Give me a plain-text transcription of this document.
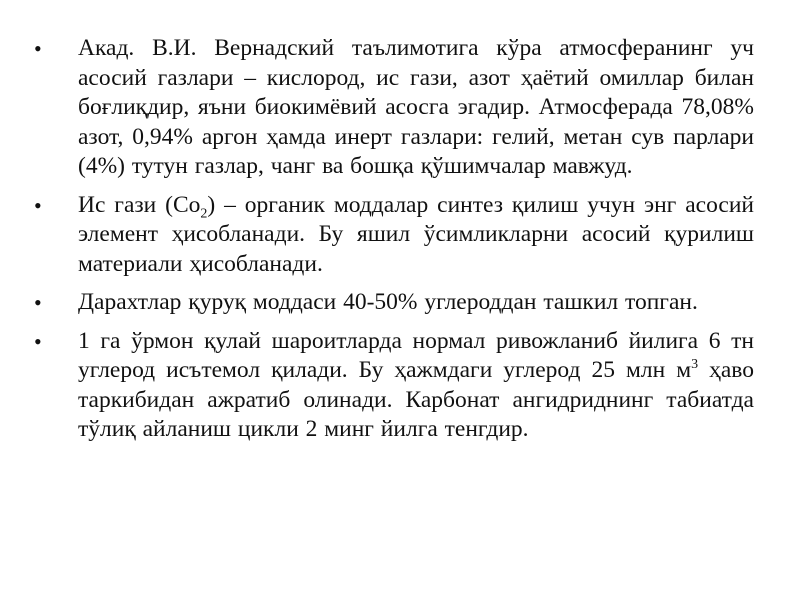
• Акад. В.И. Вернадский таълимотига кўра атмосферанинг уч асосий газлари – кислород, ис гази, азот ҳаётий омиллар билан боғлиқдир, яъни биокимёвий асосга эгадир. Атмосферада 78,08% азот, 0,94% аргон ҳамда инерт газлари: гелий, метан сув парлари (4%) тутун газлар, чанг ва бошқа қўшимчалар мавжуд.
• Ис гази $(Со_2)$ – органик моддалар синтез қилиш учун энг асосий элемент ҳисобланади. Бу яшил ўсимликларни асосий қурилиш материали ҳисобланади.
• Дарахтлар қуруқ моддаси 40-50% углероддан ташкил топган.
• 1 га ўрмон қулай шароитларда нормал ривожланиб йилига 6 тн углерод исътемол қилади. Бу ҳажмдаги углерод 25 млн $м^3$ ҳаво таркибидан ажратиб олинади. Карбонат ангидриднинг табиатда тўлиқ айланиш цикли 2 минг йилга тенгдир.
